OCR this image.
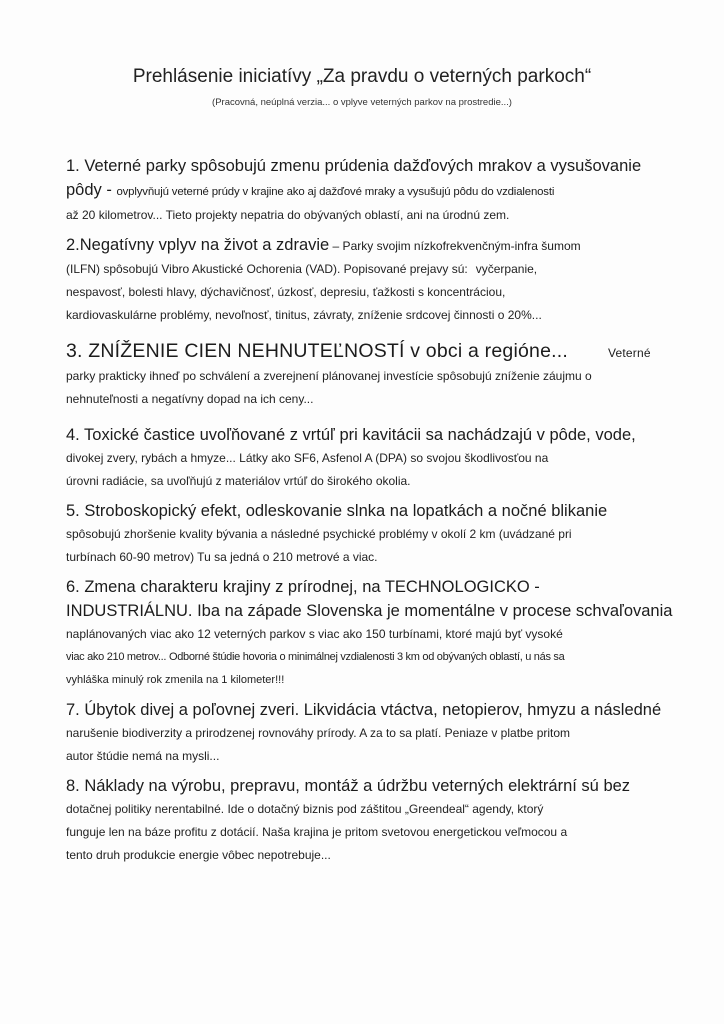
Prehlásenie iniciatívy „Za pravdu o veterných parkoch“
(Pracovná, neúplná verzia... o vplyve veterných parkov na prostredie...)
1. Veterné parky spôsobujú zmenu prúdenia dažďových mrakov a vysušovanie
pôdy - ovplyvňujú veterné prúdy v krajine ako aj dažďové mraky a vysušujú pôdu do vzdialenosti
až 20 kilometrov... Tieto projekty nepatria do obývaných oblastí, ani na úrodnú zem.
2.Negatívny vplyv na život a zdravie – Parky svojim nízkofrekvenčným-infra šumom
(ILFN) spôsobujú Vibro Akustické Ochorenia (VAD). Popisované prejavy sú: vyčerpanie,
nespavosť, bolesti hlavy, dýchavičnosť, úzkosť, depresiu, ťažkosti s koncentráciou,
kardiovaskulárne problémy, nevoľnosť, tinitus, závraty, zníženie srdcovej činnosti o 20%...
3. ZNÍŽENIE CIEN NEHNUTEĽNOSTÍ v obci a regióne...	Veterné
parky prakticky ihneď po schválení a zverejnení plánovanej investície spôsobujú zníženie záujmu o
nehnuteľnosti a negatívny dopad na ich ceny...
4. Toxické častice uvoľňované z vrtúľ pri kavitácii sa nachádzajú v pôde, vode,
divokej zvery, rybách a hmyze... Látky ako SF6, Asfenol A (DPA) so svojou škodlivosťou na
úrovni radiácie, sa uvoľňujú z materiálov vrtúľ do širokého okolia.
5. Stroboskopický efekt, odleskovanie slnka na lopatkách a nočné blikanie
spôsobujú zhoršenie kvality bývania a následné psychické problémy v okolí 2 km (uvádzané pri
turbínach 60-90 metrov) Tu sa jedná o 210 metrové a viac.
6. Zmena charakteru krajiny z prírodnej, na TECHNOLOGICKO -
INDUSTRIÁLNU. Iba na západe Slovenska je momentálne v procese schvaľovania
naplánovaných viac ako 12 veterných parkov s viac ako 150 turbínami, ktoré majú byť vysoké
viac ako 210 metrov... Odborné štúdie hovoria o minimálnej vzdialenosti 3 km od obývaných oblastí, u nás sa
vyhláška minulý rok zmenila na 1 kilometer!!!
7. Úbytok divej a poľovnej zveri. Likvidácia vtáctva, netopierov, hmyzu a následné
narušenie biodiverzity a prirodzenej rovnováhy prírody. A za to sa platí. Peniaze v platbe pritom
autor štúdie nemá na mysli...
8. Náklady na výrobu, prepravu, montáž a údržbu veterných elektrární sú bez
dotačnej politiky nerentabilné. Ide o dotačný biznis pod záštitou „Greendeal“ agendy, ktorý
funguje len na báze profitu z dotácií. Naša krajina je pritom svetovou energetickou veľmocou a
tento druh produkcie energie vôbec nepotrebuje...
